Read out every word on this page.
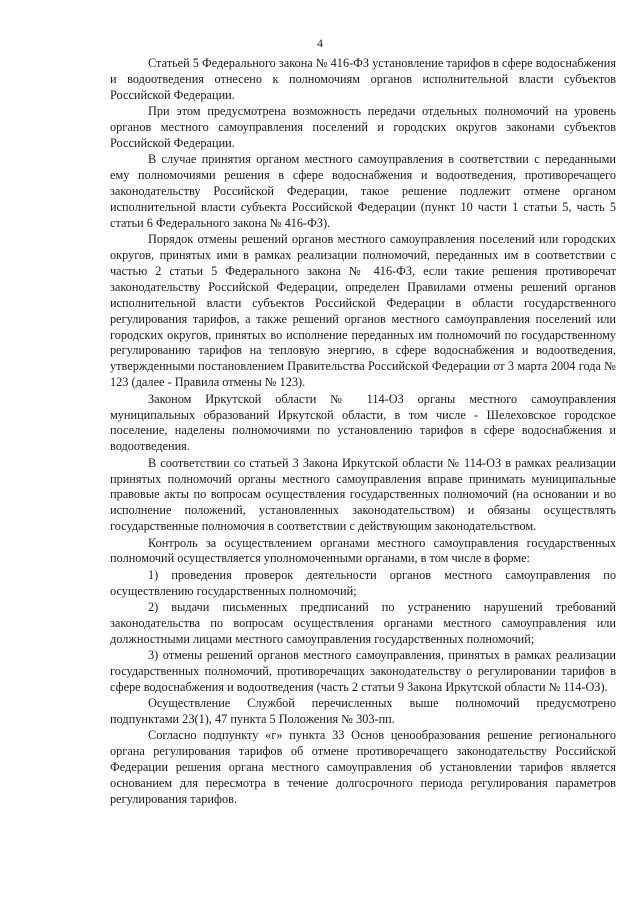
4

Статьей 5 Федерального закона № 416-ФЗ установление тарифов в сфере водоснабжения и водоотведения отнесено к полномочиям органов исполнительной власти субъектов Российской Федерации.

При этом предусмотрена возможность передачи отдельных полномочий на уровень органов местного самоуправления поселений и городских округов законами субъектов Российской Федерации.

В случае принятия органом местного самоуправления в соответствии с переданными ему полномочиями решения в сфере водоснабжения и водоотведения, противоречащего законодательству Российской Федерации, такое решение подлежит отмене органом исполнительной власти субъекта Российской Федерации (пункт 10 части 1 статьи 5, часть 5 статьи 6 Федерального закона № 416-ФЗ).

Порядок отмены решений органов местного самоуправления поселений или городских округов, принятых ими в рамках реализации полномочий, переданных им в соответствии с частью 2 статьи 5 Федерального закона № 416-ФЗ, если такие решения противоречат законодательству Российской Федерации, определен Правилами отмены решений органов исполнительной власти субъектов Российской Федерации в области государственного регулирования тарифов, а также решений органов местного самоуправления поселений или городских округов, принятых во исполнение переданных им полномочий по государственному регулированию тарифов на тепловую энергию, в сфере водоснабжения и водоотведения, утвержденными постановлением Правительства Российской Федерации от 3 марта 2004 года № 123 (далее - Правила отмены № 123).

Законом Иркутской области № 114-ОЗ органы местного самоуправления муниципальных образований Иркутской области, в том числе - Шелеховское городское поселение, наделены полномочиями по установлению тарифов в сфере водоснабжения и водоотведения.

В соответствии со статьей 3 Закона Иркутской области № 114-ОЗ в рамках реализации принятых полномочий органы местного самоуправления вправе принимать муниципальные правовые акты по вопросам осуществления государственных полномочий (на основании и во исполнение положений, установленных законодательством) и обязаны осуществлять государственные полномочия в соответствии с действующим законодательством.

Контроль за осуществлением органами местного самоуправления государственных полномочий осуществляется уполномоченными органами, в том числе в форме:

1) проведения проверок деятельности органов местного самоуправления по осуществлению государственных полномочий;

2) выдачи письменных предписаний по устранению нарушений требований законодательства по вопросам осуществления органами местного самоуправления или должностными лицами местного самоуправления государственных полномочий;

3) отмены решений органов местного самоуправления, принятых в рамках реализации государственных полномочий, противоречащих законодательству о регулировании тарифов в сфере водоснабжения и водоотведения (часть 2 статьи 9 Закона Иркутской области № 114-ОЗ).

Осуществление Службой перечисленных выше полномочий предусмотрено подпунктами 23(1), 47 пункта 5 Положения № 303-пп.

Согласно подпункту «г» пункта 33 Основ ценообразования решение регионального органа регулирования тарифов об отмене противоречащего законодательству Российской Федерации решения органа местного самоуправления об установлении тарифов является основанием для пересмотра в течение долгосрочного периода регулирования параметров регулирования тарифов.
